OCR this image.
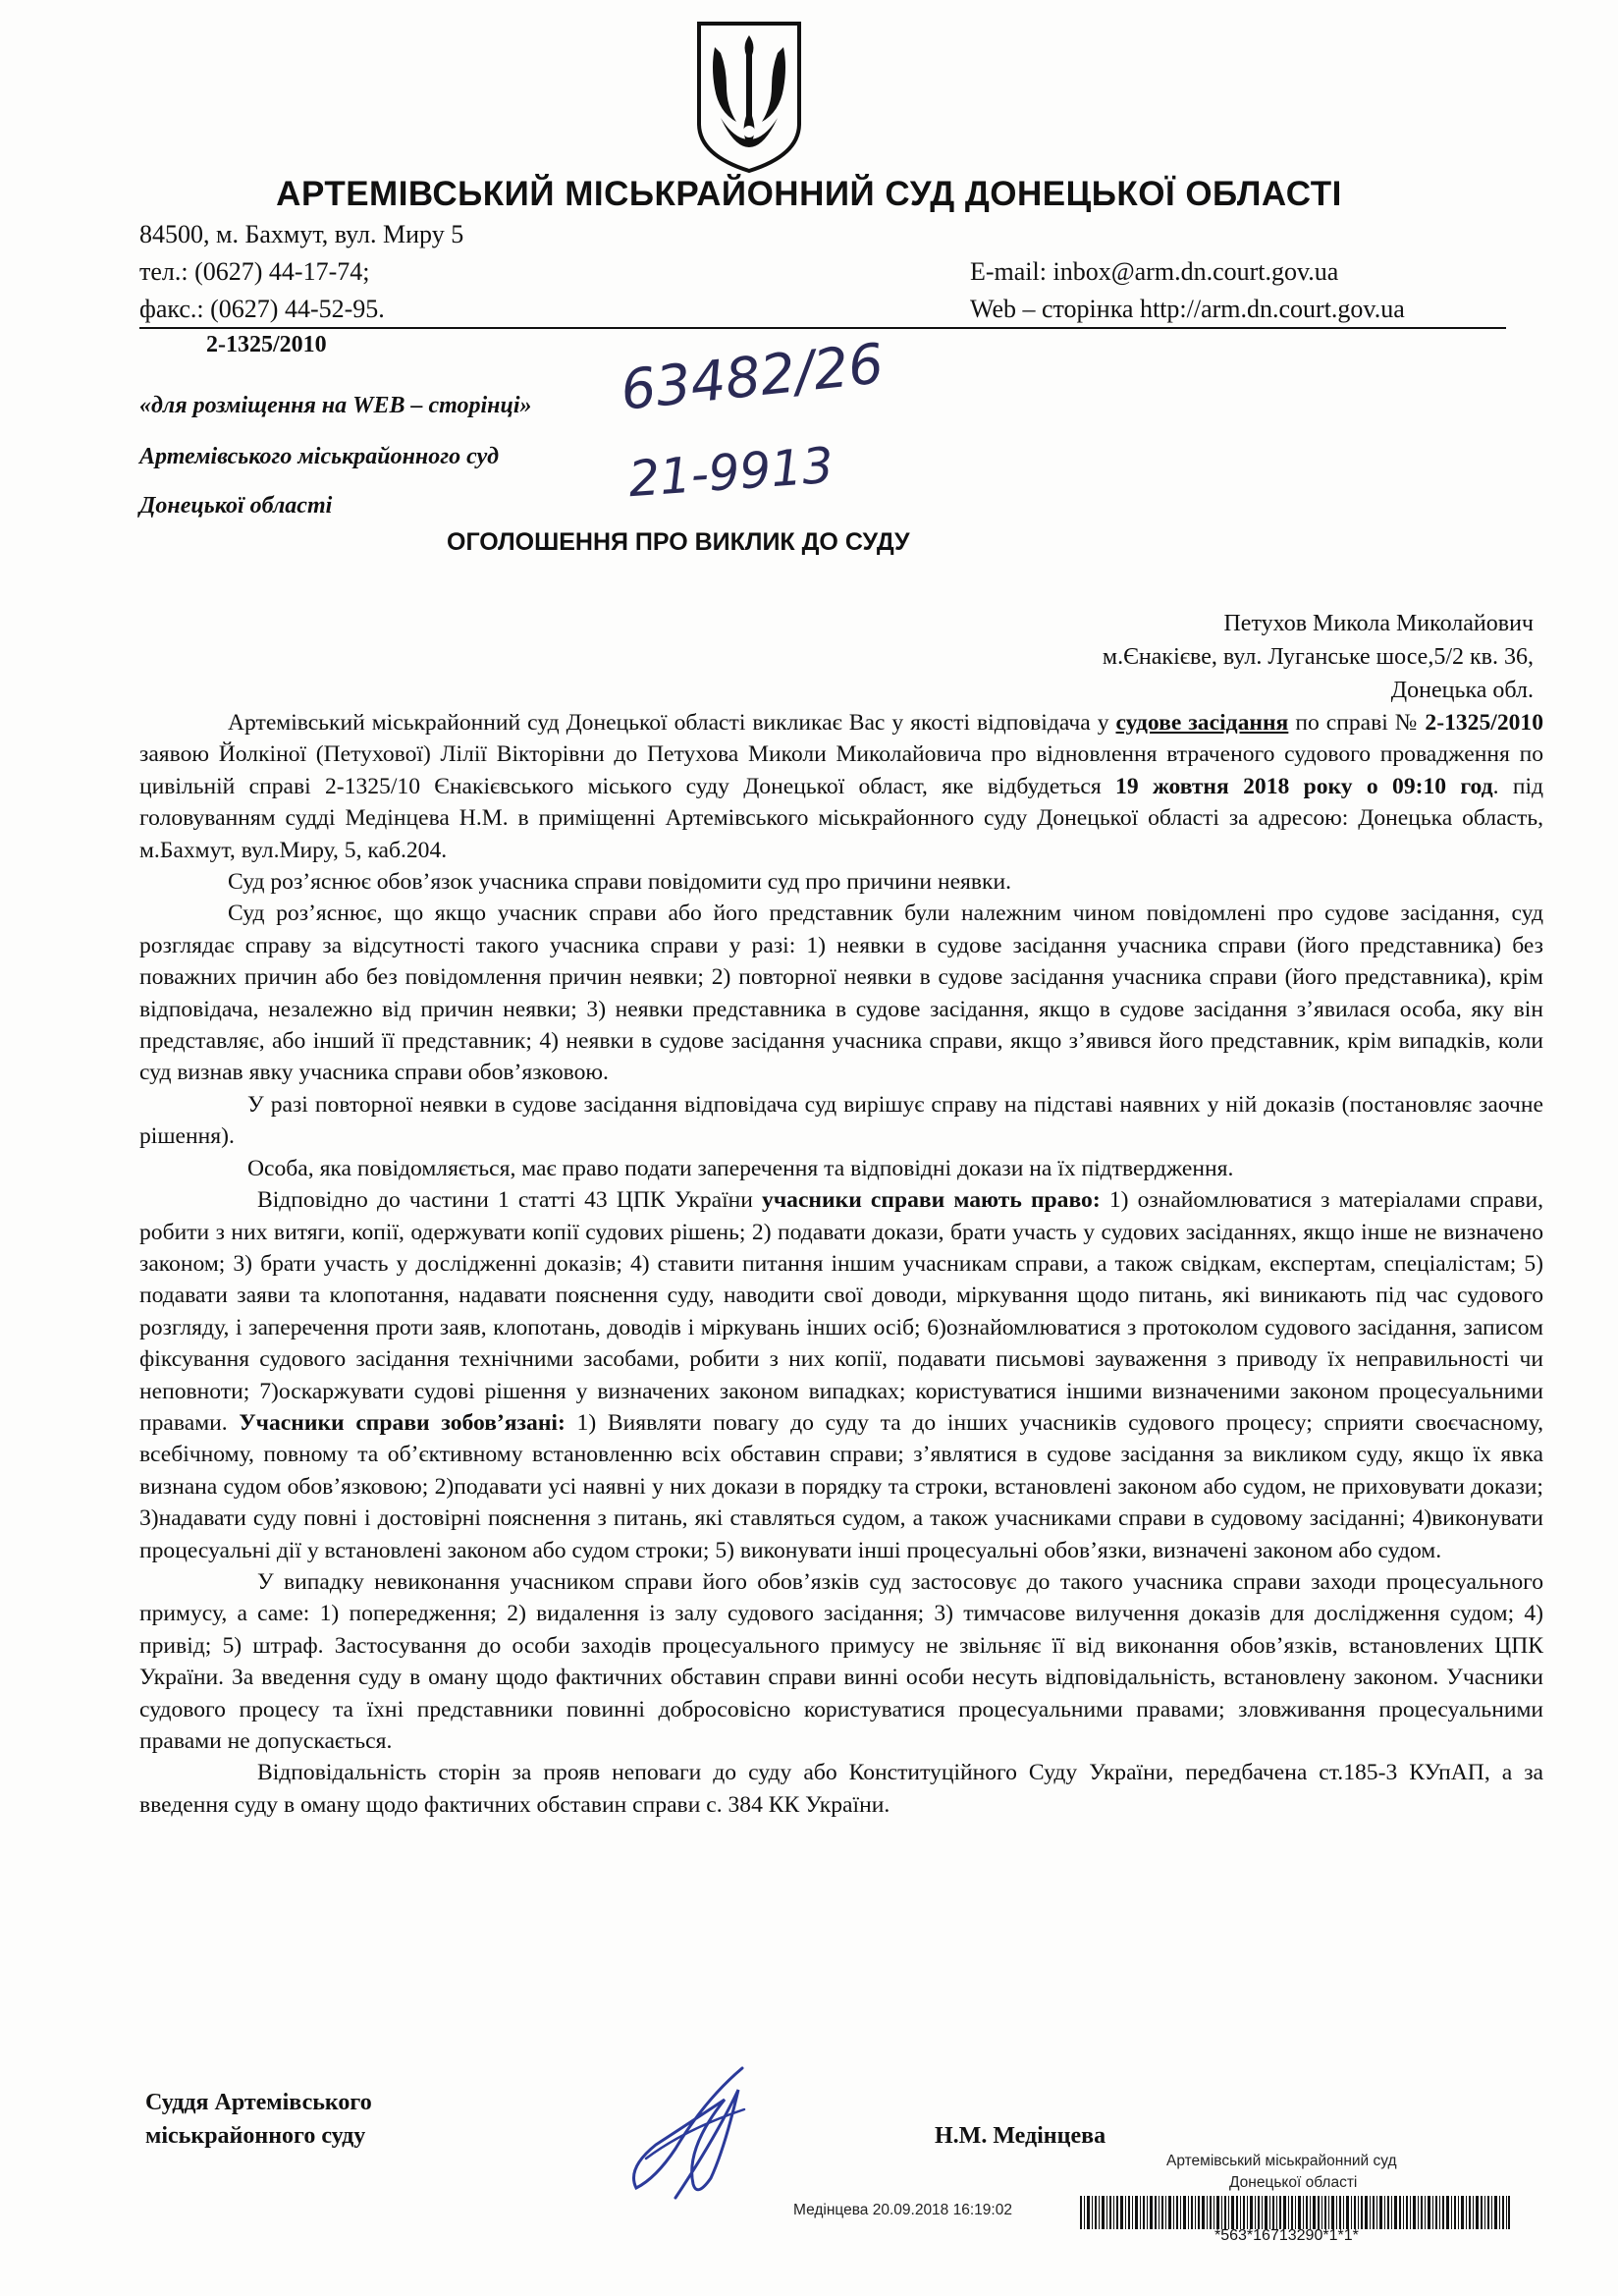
АРТЕМІВСЬКИЙ МІСЬКРАЙОННИЙ СУД ДОНЕЦЬКОЇ ОБЛАСТІ
84500, м. Бахмут, вул. Миру 5
тел.: (0627) 44-17-74;
факс.: (0627) 44-52-95.
E-mail: inbox@arm.dn.court.gov.ua
Web – сторінка http://arm.dn.court.gov.ua
2-1325/2010
«для розміщення на WEB – сторінці»
Артемівського міськрайонного суд
Донецької області
63482/26
21-9913
ОГОЛОШЕННЯ ПРО ВИКЛИК ДО СУДУ
Петухов Микола Миколайович
м.Єнакієве, вул. Луганське шосе,5/2 кв. 36,
Донецька обл.

Артемівський міськрайонний суд Донецької області викликає Вас у якості відповідача у судове засідання по справі № 2-1325/2010 заявою Йолкіної (Петухової) Лілії Вікторівни до Петухова Миколи Миколайовича про відновлення втраченого судового провадження по цивільній справі 2-1325/10 Єнакієвського міського суду Донецької област, яке відбудеться 19 жовтня 2018 року о 09:10 год. під головуванням судді Медінцева Н.М. в приміщенні Артемівського міськрайонного суду Донецької області за адресою: Донецька область, м.Бахмут, вул.Миру, 5, каб.204.

Суд роз’яснює обов’язок учасника справи повідомити суд про причини неявки.

Суд роз’яснює, що якщо учасник справи або його представник були належним чином повідомлені про судове засідання, суд розглядає справу за відсутності такого учасника справи у разі: 1) неявки в судове засідання учасника справи (його представника) без поважних причин або без повідомлення причин неявки; 2) повторної неявки в судове засідання учасника справи (його представника), крім відповідача, незалежно від причин неявки; 3) неявки представника в судове засідання, якщо в судове засідання з’явилася особа, яку він представляє, або інший її представник; 4) неявки в судове засідання учасника справи, якщо з’явився його представник, крім випадків, коли суд визнав явку учасника справи обов’язковою.

У разі повторної неявки в судове засідання відповідача суд вирішує справу на підставі наявних у ній доказів (постановляє заочне рішення).

Особа, яка повідомляється, має право подати заперечення та відповідні докази на їх підтвердження.

Відповідно до частини 1 статті 43 ЦПК України учасники справи мають право: 1) ознайомлюватися з матеріалами справи, робити з них витяги, копії, одержувати копії судових рішень; 2) подавати докази, брати участь у судових засіданнях, якщо інше не визначено законом; 3) брати участь у дослідженні доказів; 4) ставити питання іншим учасникам справи, а також свідкам, експертам, спеціалістам; 5) подавати заяви та клопотання, надавати пояснення суду, наводити свої доводи, міркування щодо питань, які виникають під час судового розгляду, і заперечення проти заяв, клопотань, доводів і міркувань інших осіб; 6)ознайомлюватися з протоколом судового засідання, записом фіксування судового засідання технічними засобами, робити з них копії, подавати письмові зауваження з приводу їх неправильності чи неповноти; 7)оскаржувати судові рішення у визначених законом випадках; користуватися іншими визначеними законом процесуальними правами. Учасники справи зобов’язані: 1) Виявляти повагу до суду та до інших учасників судового процесу; сприяти своєчасному, всебічному, повному та об’єктивному встановленню всіх обставин справи; з’являтися в судове засідання за викликом суду, якщо їх явка визнана судом обов’язковою; 2)подавати усі наявні у них докази в порядку та строки, встановлені законом або судом, не приховувати докази; 3)надавати суду повні і достовірні пояснення з питань, які ставляться судом, а також учасниками справи в судовому засіданні; 4)виконувати процесуальні дії у встановлені законом або судом строки; 5) виконувати інші процесуальні обов’язки, визначені законом або судом.

У випадку невиконання учасником справи його обов’язків суд застосовує до такого учасника справи заходи процесуального примусу, а саме: 1) попередження; 2) видалення із залу судового засідання; 3) тимчасове вилучення доказів для дослідження судом; 4) привід; 5) штраф. Застосування до особи заходів процесуального примусу не звільняє її від виконання обов’язків, встановлених ЦПК України. За введення суду в оману щодо фактичних обставин справи винні особи несуть відповідальність, встановлену законом. Учасники судового процесу та їхні представники повинні добросовісно користуватися процесуальними правами; зловживання процесуальними правами не допускається.

Відповідальність сторін за прояв неповаги до суду або Конституційного Суду України, передбачена ст.185-3 КУпАП, а за введення суду в оману щодо фактичних обставин справи с. 384 КК України.

Суддя Артемівського
міськрайонного суду	Н.М. Медінцева
Артемівський міськрайонний суд
Донецької області
Медінцева 20.09.2018 16:19:02
*563*16713290*1*1*
